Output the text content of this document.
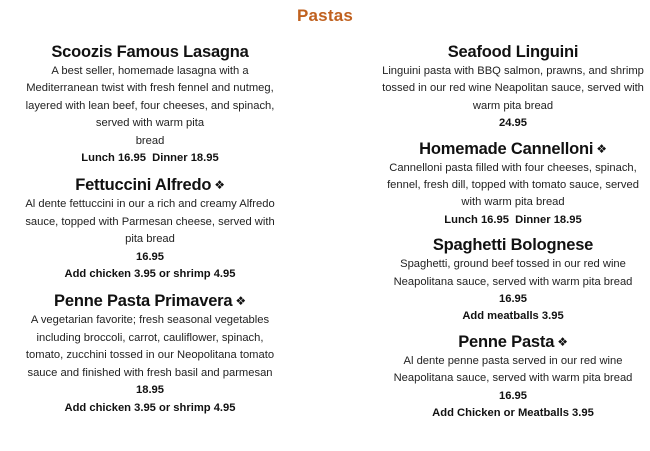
Pastas
Scoozis Famous Lasagna
A best seller, homemade lasagna with a
Mediterranean twist with fresh fennel and nutmeg,
layered with lean beef, four cheeses, and spinach,
served with warm pita
bread
Lunch 16.95  Dinner 18.95
Fettuccini Alfredo ❖
Al dente fettuccini in our a rich and creamy Alfredo
sauce, topped with Parmesan cheese, served with
pita bread
16.95
Add chicken 3.95 or shrimp 4.95
Penne Pasta Primavera ❖
A vegetarian favorite; fresh seasonal vegetables
including broccoli, carrot, cauliflower, spinach,
tomato, zucchini tossed in our Neopolitana tomato
sauce and finished with fresh basil and parmesan
18.95
Add chicken 3.95 or shrimp 4.95
Seafood Linguini
Linguini pasta with BBQ salmon, prawns, and shrimp
tossed in our red wine Neapolitan sauce, served with
warm pita bread
24.95
Homemade Cannelloni ❖
Cannelloni pasta filled with four cheeses, spinach,
fennel, fresh dill, topped with tomato sauce, served
with warm pita bread
Lunch 16.95  Dinner 18.95
Spaghetti Bolognese
Spaghetti, ground beef tossed in our red wine
Neapolitana sauce, served with warm pita bread
16.95
Add meatballs 3.95
Penne Pasta ❖
Al dente penne pasta served in our red wine
Neapolitana sauce, served with warm pita bread
16.95
Add Chicken or Meatballs 3.95
